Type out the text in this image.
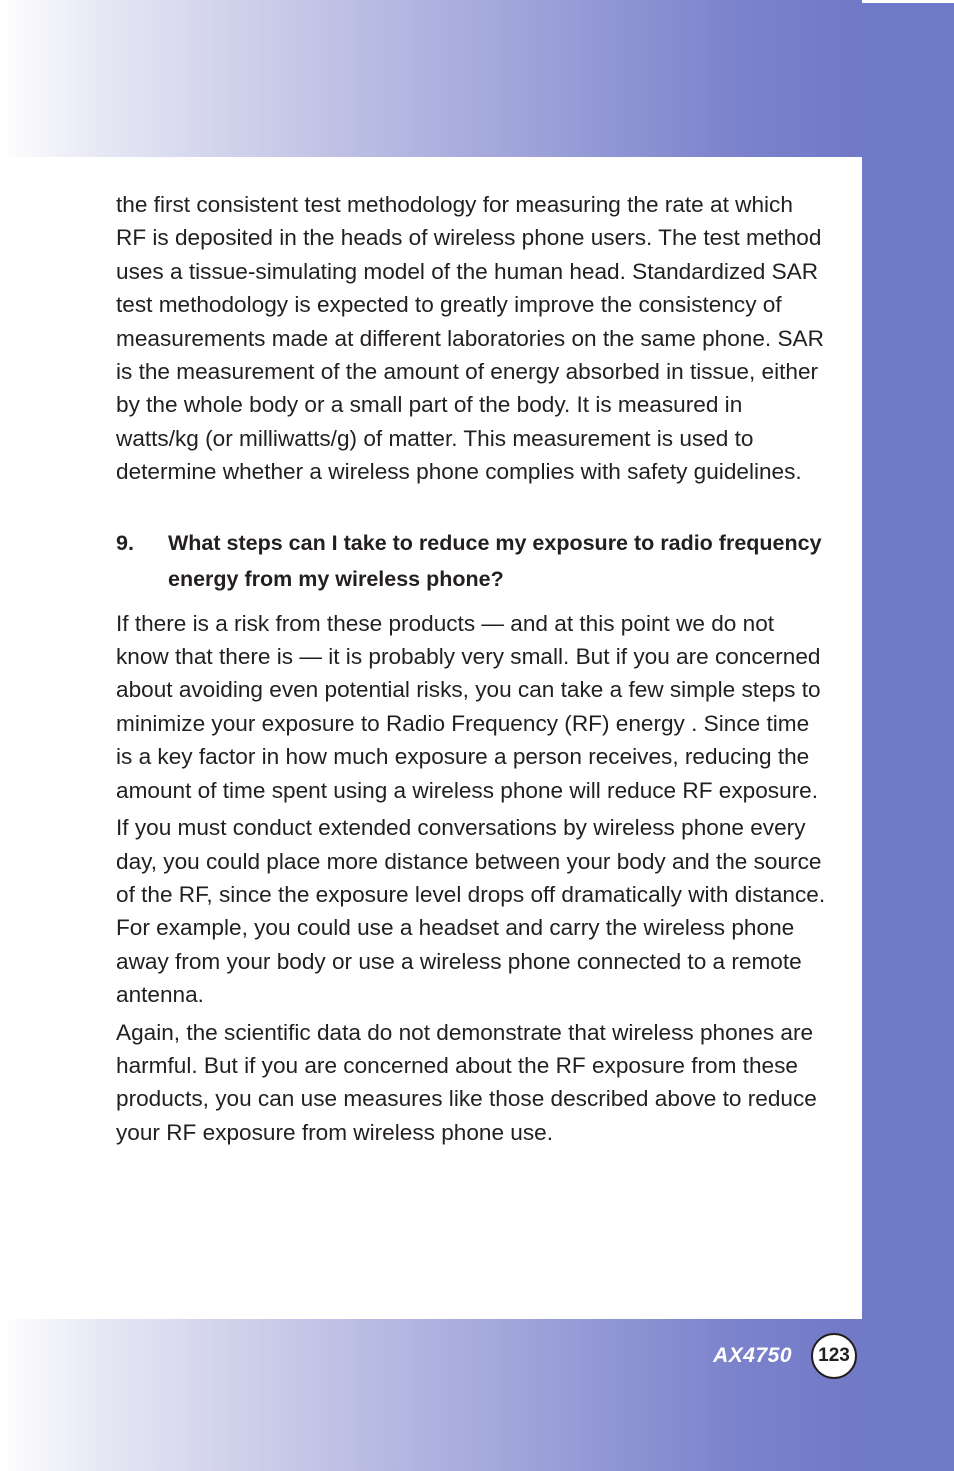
the first consistent test methodology for measuring the rate at which RF is deposited in the heads of wireless phone users. The test method uses a tissue-simulating model of the human head. Standardized SAR test methodology is expected to greatly improve the consistency of measurements made at different laboratories on the same phone. SAR is the measurement of the amount of energy absorbed in tissue, either by the whole body or a small part of the body. It is measured in watts/kg (or milliwatts/g) of matter. This measurement is used to determine whether a wireless phone complies with safety guidelines.

9.	What steps can I take to reduce my exposure to radio frequency energy from my wireless phone?

If there is a risk from these products — and at this point we do not know that there is — it is probably very small. But if you are concerned about avoiding even potential risks, you can take a few simple steps to minimize your exposure to Radio Frequency (RF) energy . Since time is a key factor in how much exposure a person receives, reducing the amount of time spent using a wireless phone will reduce RF exposure.

If you must conduct extended conversations by wireless phone every day, you could place more distance between your body and the source of the RF, since the exposure level drops off dramatically with distance. For example, you could use a headset and carry the wireless phone away from your body or use a wireless phone connected to a remote antenna.

Again, the scientific data do not demonstrate that wireless phones are harmful. But if you are concerned about the RF exposure from these products, you can use measures like those described above to reduce your RF exposure from wireless phone use.

AX4750 123
